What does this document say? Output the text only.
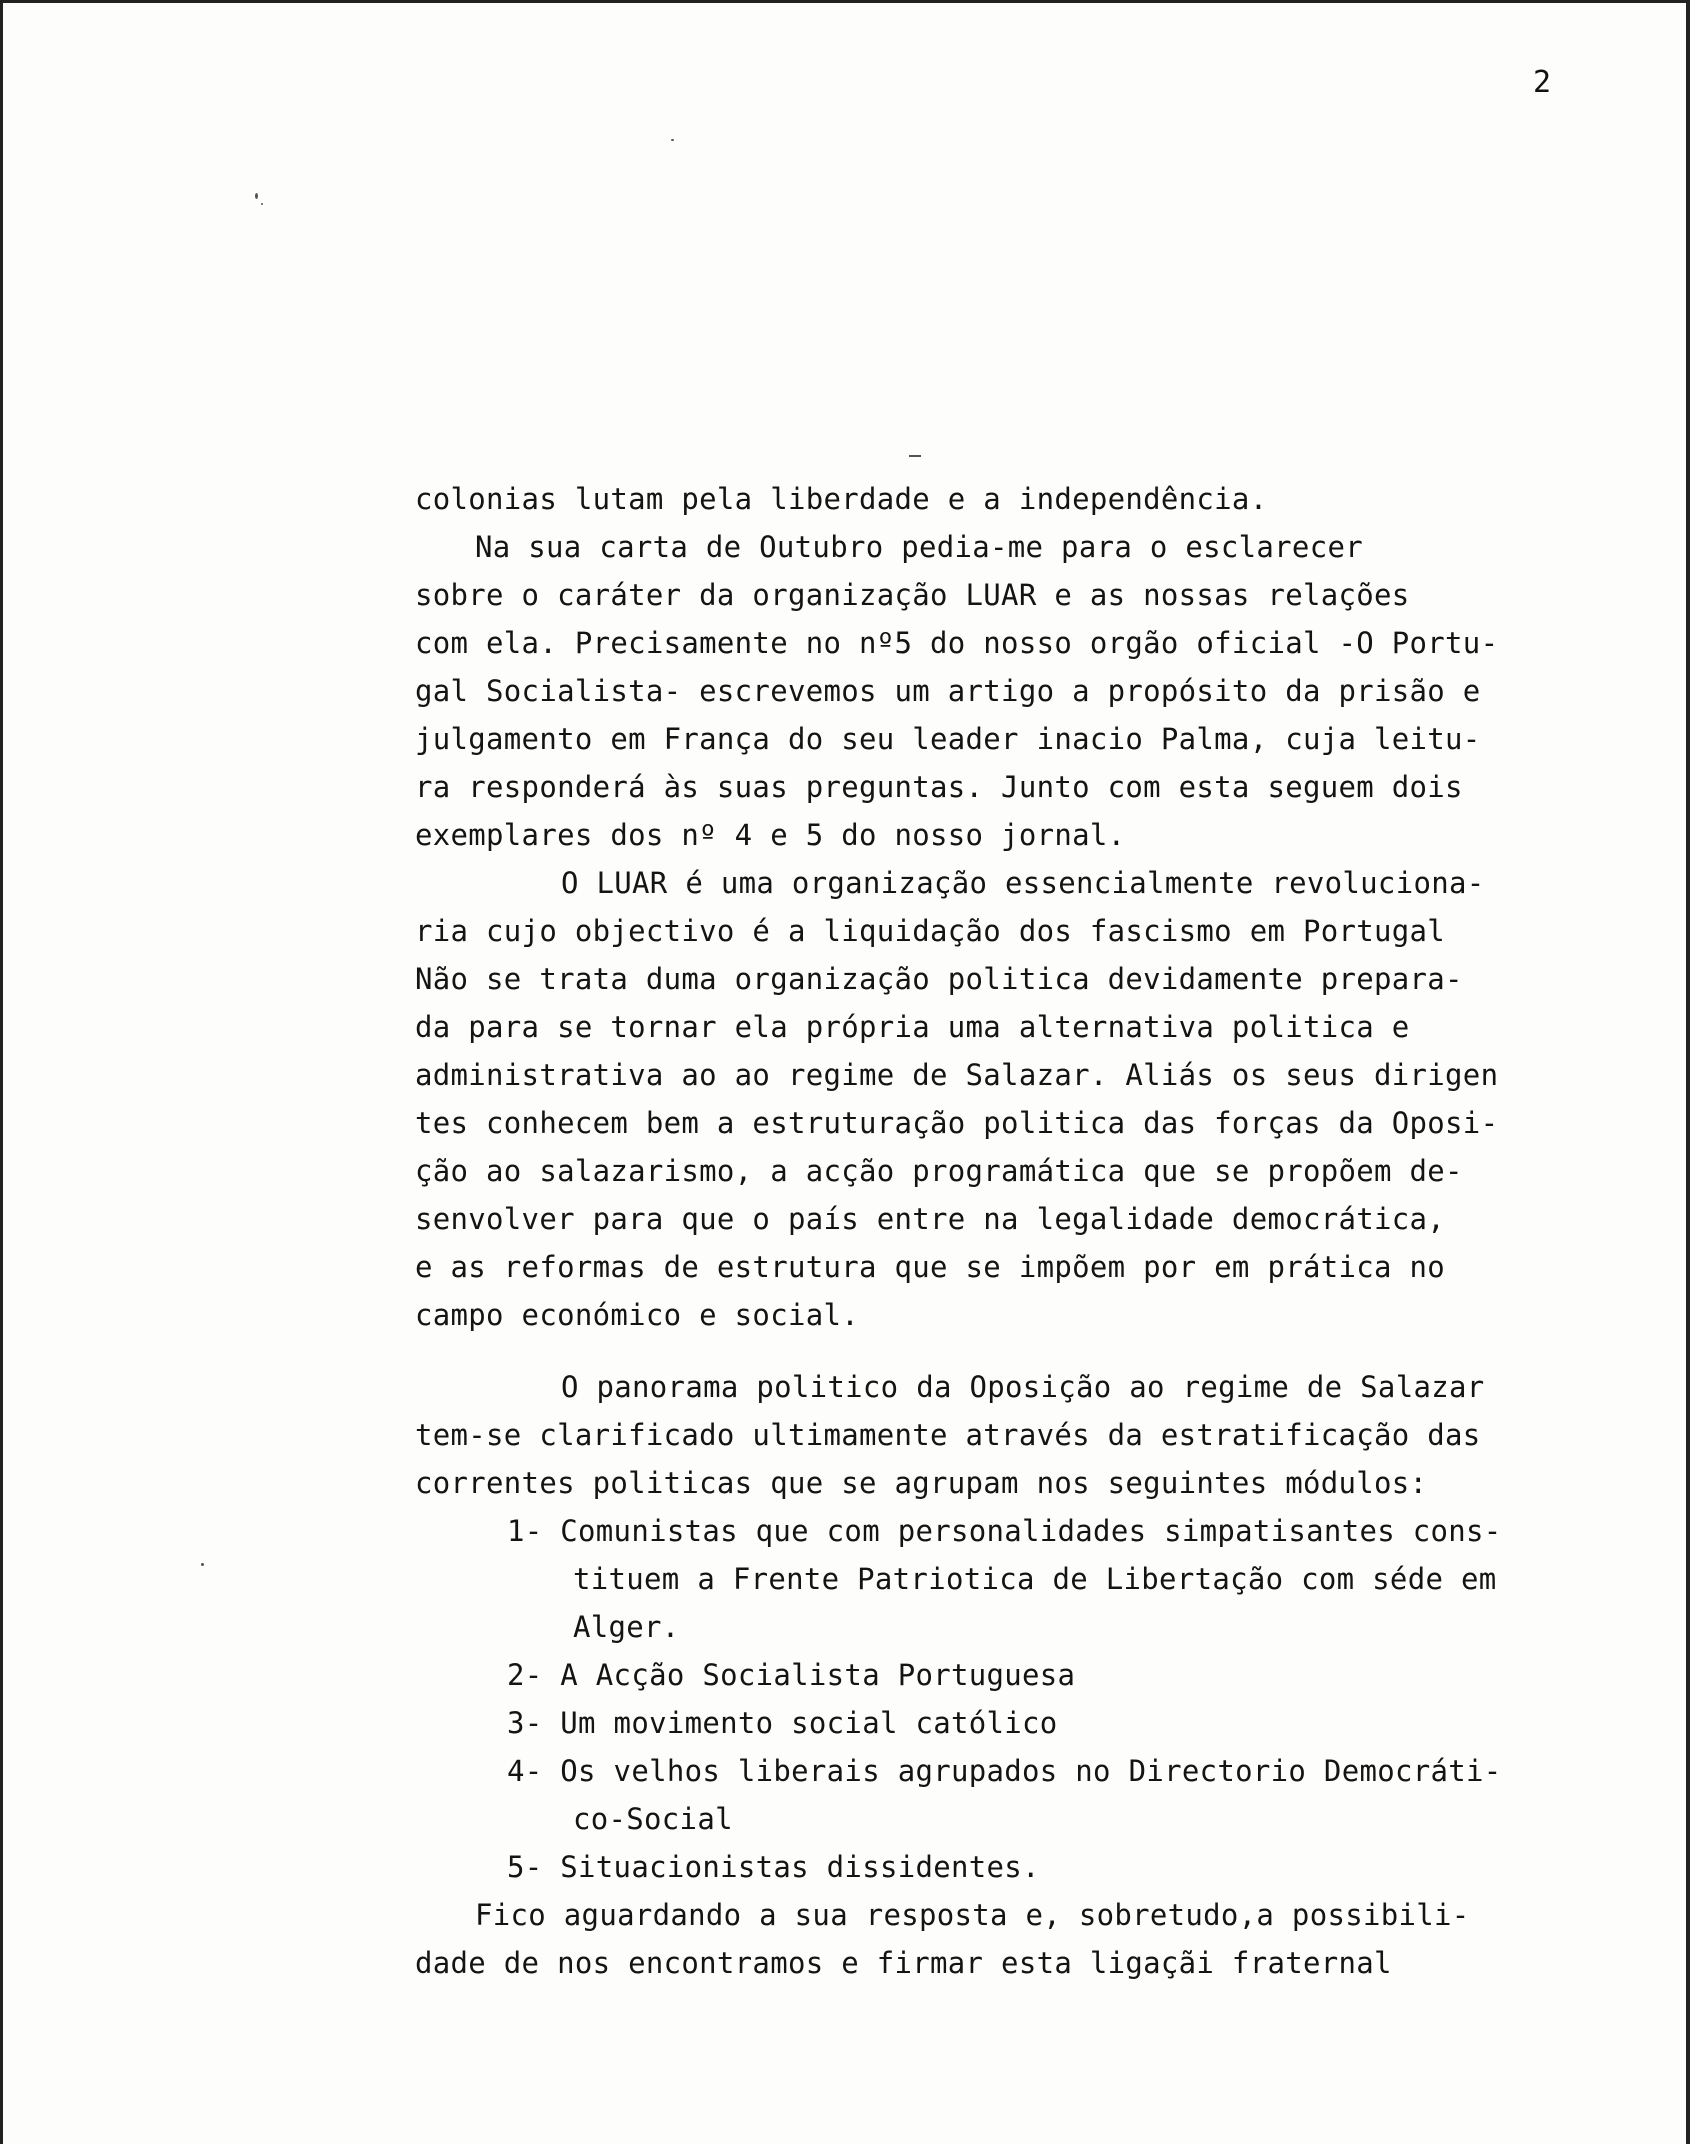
2

colonias lutam pela liberdade e a independência.
Na sua carta de Outubro pedia-me para o esclarecer
sobre o caráter da organização LUAR e as nossas relações
com ela. Precisamente no nº5 do nosso orgão oficial -O Portu-
gal Socialista- escrevemos um artigo a propósito da prisão e
julgamento em França do seu leader inacio Palma, cuja leitu-
ra responderá às suas preguntas. Junto com esta seguem dois
exemplares dos nº 4 e 5 do nosso jornal.
O LUAR é uma organização essencialmente revoluciona-
ria cujo objectivo é a liquidação dos fascismo em Portugal
Não se trata duma organização politica devidamente prepara-
da para se tornar ela própria uma alternativa politica e
administrativa ao ao regime de Salazar. Aliás os seus dirigen
tes conhecem bem a estruturação politica das forças da Oposi-
ção ao salazarismo, a acção programática que se propõem de-
senvolver para que o país entre na legalidade democrática,
e as reformas de estrutura que se impõem por em prática no
campo económico e social.
O panorama politico da Oposição ao regime de Salazar
tem-se clarificado ultimamente através da estratificação das
correntes politicas que se agrupam nos seguintes módulos:
1- Comunistas que com personalidades simpatisantes cons-
tituem a Frente Patriotica de Libertação com séde em
Alger.
2- A Acção Socialista Portuguesa
3- Um movimento social católico
4- Os velhos liberais agrupados no Directorio Democráti-
co-Social
5- Situacionistas dissidentes.
Fico aguardando a sua resposta e, sobretudo,a possibili-
dade de nos encontramos e firmar esta ligaçãi fraternal
